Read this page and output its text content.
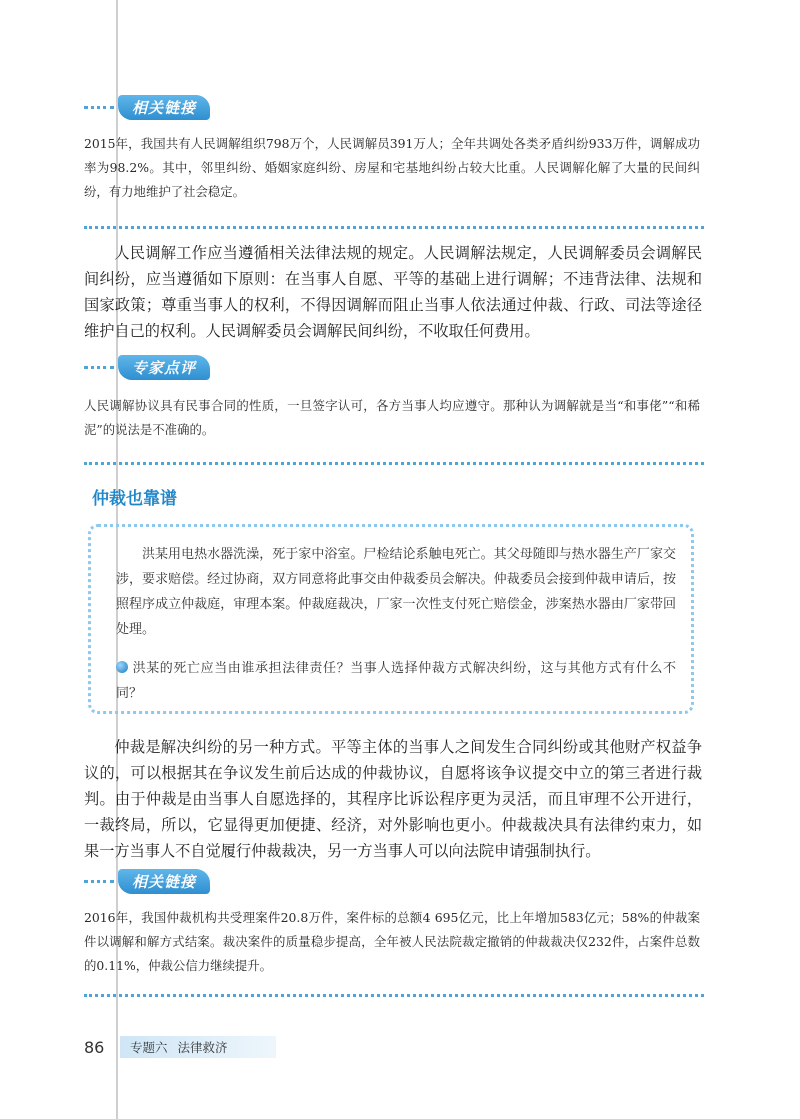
相关链接
2015年，我国共有人民调解组织798万个，人民调解员391万人；全年共调处各类矛盾纠纷933万件，调解成功率为98.2%。其中，邻里纠纷、婚姻家庭纠纷、房屋和宅基地纠纷占较大比重。人民调解化解了大量的民间纠纷，有力地维护了社会稳定。
人民调解工作应当遵循相关法律法规的规定。人民调解法规定，人民调解委员会调解民间纠纷，应当遵循如下原则：在当事人自愿、平等的基础上进行调解；不违背法律、法规和国家政策；尊重当事人的权利，不得因调解而阻止当事人依法通过仲裁、行政、司法等途径维护自己的权利。人民调解委员会调解民间纠纷，不收取任何费用。
专家点评
人民调解协议具有民事合同的性质，一旦签字认可，各方当事人均应遵守。那种认为调解就是当“和事佬”“和稀泥”的说法是不准确的。
仲裁也靠谱
洪某用电热水器洗澡，死于家中浴室。尸检结论系触电死亡。其父母随即与热水器生产厂家交涉，要求赔偿。经过协商，双方同意将此事交由仲裁委员会解决。仲裁委员会接到仲裁申请后，按照程序成立仲裁庭，审理本案。仲裁庭裁决，厂家一次性支付死亡赔偿金，涉案热水器由厂家带回处理。
洪某的死亡应当由谁承担法律责任？当事人选择仲裁方式解决纠纷，这与其他方式有什么不同？
仲裁是解决纠纷的另一种方式。平等主体的当事人之间发生合同纠纷或其他财产权益争议的，可以根据其在争议发生前后达成的仲裁协议，自愿将该争议提交中立的第三者进行裁判。由于仲裁是由当事人自愿选择的，其程序比诉讼程序更为灵活，而且审理不公开进行，一裁终局，所以，它显得更加便捷、经济，对外影响也更小。仲裁裁决具有法律约束力，如果一方当事人不自觉履行仲裁裁决，另一方当事人可以向法院申请强制执行。
相关链接
2016年，我国仲裁机构共受理案件20.8万件，案件标的总额4 695亿元，比上年增加583亿元；58%的仲裁案件以调解和解方式结案。裁决案件的质量稳步提高，全年被人民法院裁定撤销的仲裁裁决仅232件，占案件总数的0.11%，仲裁公信力继续提升。
86	专题六 法律救济
